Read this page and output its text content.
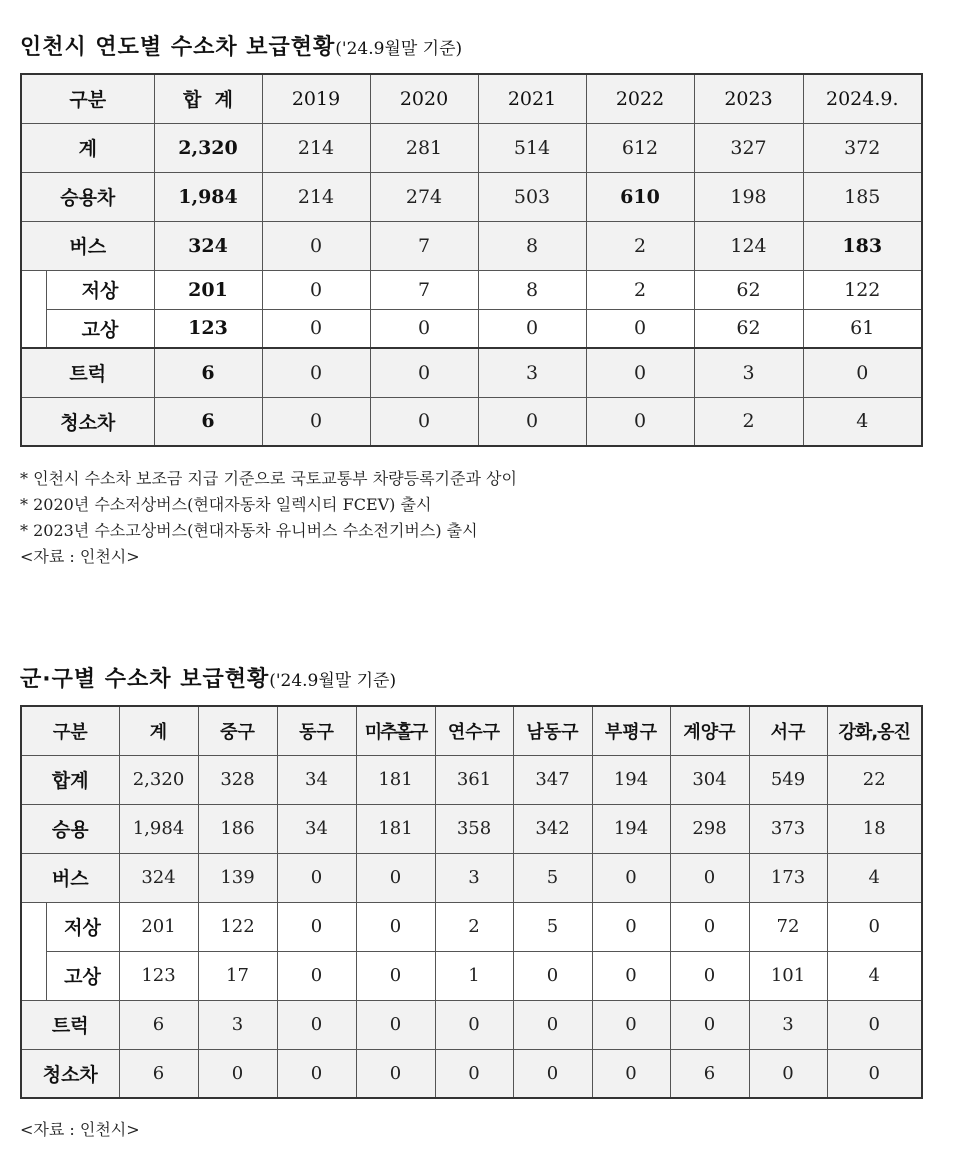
인천시 연도별 수소차 보급현황('24.9월말 기준)
구분		합  계	2019	2020	2021	2022	2023	2024.9.
계		2,320	214	281	514	612	327	372
승용차		1,984	214	274	503	610	198	185
버스		324	0	7	8	2	124	183
	저상	201	0	7	8	2	62	122
	고상	123	0	0	0	0	62	61
트럭		6	0	0	3	0	3	0
청소차		6	0	0	0	0	2	4
* 인천시 수소차 보조금 지급 기준으로 국토교통부 차량등록기준과 상이
* 2020년 수소저상버스(현대자동차 일렉시티 FCEV) 출시
* 2023년 수소고상버스(현대자동차 유니버스 수소전기버스) 출시
<자료 : 인천시>
군·구별 수소차 보급현황('24.9월말 기준)
구분		계	중구	동구	미추홀구	연수구	남동구	부평구	계양구	서구	강화,옹진
합계		2,320	328	34	181	361	347	194	304	549	22
승용		1,984	186	34	181	358	342	194	298	373	18
버스		324	139	0	0	3	5	0	0	173	4
	저상	201	122	0	0	2	5	0	0	72	0
	고상	123	17	0	0	1	0	0	0	101	4
트럭		6	3	0	0	0	0	0	0	3	0
청소차		6	0	0	0	0	0	0	6	0	0
<자료 : 인천시>
